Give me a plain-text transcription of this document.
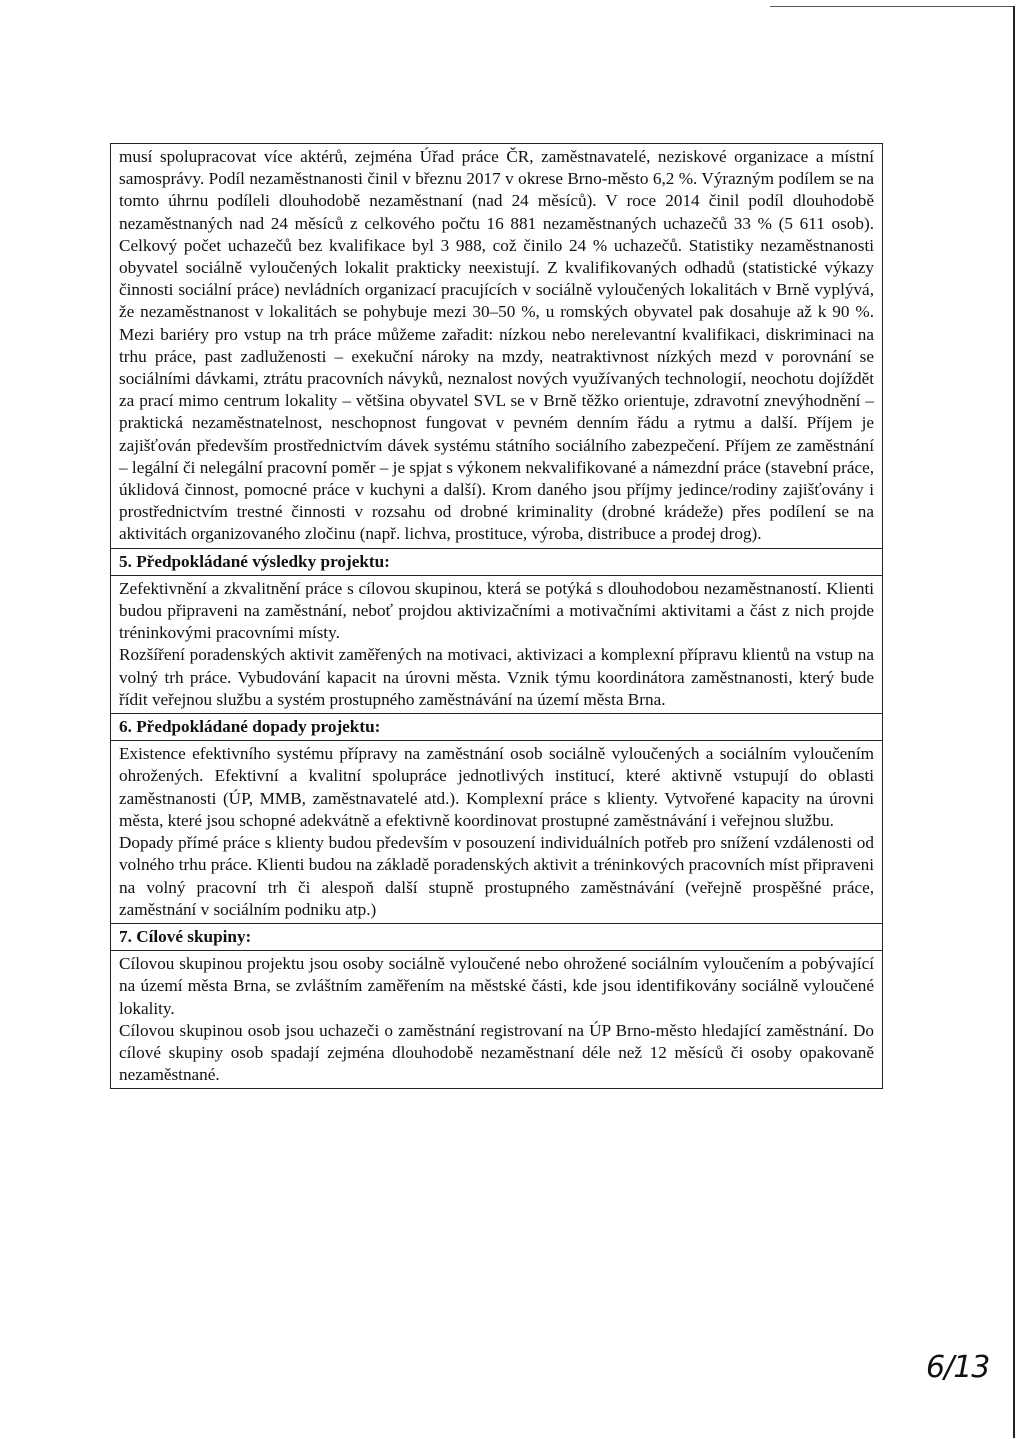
musí spolupracovat více aktérů, zejména Úřad práce ČR, zaměstnavatelé, neziskové organizace a místní samosprávy. Podíl nezaměstnanosti činil v březnu 2017 v okrese Brno-město 6,2 %. Výrazným podílem se na tomto úhrnu podíleli dlouhodobě nezaměstnaní (nad 24 měsíců). V roce 2014 činil podíl dlouhodobě nezaměstnaných nad 24 měsíců z celkového počtu 16 881 nezaměstnaných uchazečů 33 % (5 611 osob). Celkový počet uchazečů bez kvalifikace byl 3 988, což činilo 24 % uchazečů. Statistiky nezaměstnanosti obyvatel sociálně vyloučených lokalit prakticky neexistují. Z kvalifikovaných odhadů (statistické výkazy činnosti sociální práce) nevládních organizací pracujících v sociálně vyloučených lokalitách v Brně vyplývá, že nezaměstnanost v lokalitách se pohybuje mezi 30–50 %, u romských obyvatel pak dosahuje až k 90 %. Mezi bariéry pro vstup na trh práce můžeme zařadit: nízkou nebo nerelevantní kvalifikaci, diskriminaci na trhu práce, past zadluženosti – exekuční nároky na mzdy, neatraktivnost nízkých mezd v porovnání se sociálními dávkami, ztrátu pracovních návyků, neznalost nových využívaných technologií, neochotu dojíždět za prací mimo centrum lokality – většina obyvatel SVL se v Brně těžko orientuje, zdravotní znevýhodnění – praktická nezaměstnatelnost, neschopnost fungovat v pevném denním řádu a rytmu a další. Příjem je zajišťován především prostřednictvím dávek systému státního sociálního zabezpečení. Příjem ze zaměstnání – legální či nelegální pracovní poměr – je spjat s výkonem nekvalifikované a námezdní práce (stavební práce, úklidová činnost, pomocné práce v kuchyni a další). Krom daného jsou příjmy jedince/rodiny zajišťovány i prostřednictvím trestné činnosti v rozsahu od drobné kriminality (drobné krádeže) přes podílení se na aktivitách organizovaného zločinu (např. lichva, prostituce, výroba, distribuce a prodej drog).

5. Předpokládané výsledky projektu:

Zefektivnění a zkvalitnění práce s cílovou skupinou, která se potýká s dlouhodobou nezaměstnaností. Klienti budou připraveni na zaměstnání, neboť projdou aktivizačními a motivačními aktivitami a část z nich projde tréninkovými pracovními místy.

Rozšíření poradenských aktivit zaměřených na motivaci, aktivizaci a komplexní přípravu klientů na vstup na volný trh práce. Vybudování kapacit na úrovni města. Vznik týmu koordinátora zaměstnanosti, který bude řídit veřejnou službu a systém prostupného zaměstnávání na území města Brna.

6. Předpokládané dopady projektu:

Existence efektivního systému přípravy na zaměstnání osob sociálně vyloučených a sociálním vyloučením ohrožených. Efektivní a kvalitní spolupráce jednotlivých institucí, které aktivně vstupují do oblasti zaměstnanosti (ÚP, MMB, zaměstnavatelé atd.). Komplexní práce s klienty. Vytvořené kapacity na úrovni města, které jsou schopné adekvátně a efektivně koordinovat prostupné zaměstnávání i veřejnou službu.

Dopady přímé práce s klienty budou především v posouzení individuálních potřeb pro snížení vzdálenosti od volného trhu práce. Klienti budou na základě poradenských aktivit a tréninkových pracovních míst připraveni na volný pracovní trh či alespoň další stupně prostupného zaměstnávání (veřejně prospěšné práce, zaměstnání v sociálním podniku atp.)

7. Cílové skupiny:

Cílovou skupinou projektu jsou osoby sociálně vyloučené nebo ohrožené sociálním vyloučením a pobývající na území města Brna, se zvláštním zaměřením na městské části, kde jsou identifikovány sociálně vyloučené lokality.

Cílovou skupinou osob jsou uchazeči o zaměstnání registrovaní na ÚP Brno-město hledající zaměstnání. Do cílové skupiny osob spadají zejména dlouhodobě nezaměstnaní déle než 12 měsíců či osoby opakovaně nezaměstnané.

6/13
